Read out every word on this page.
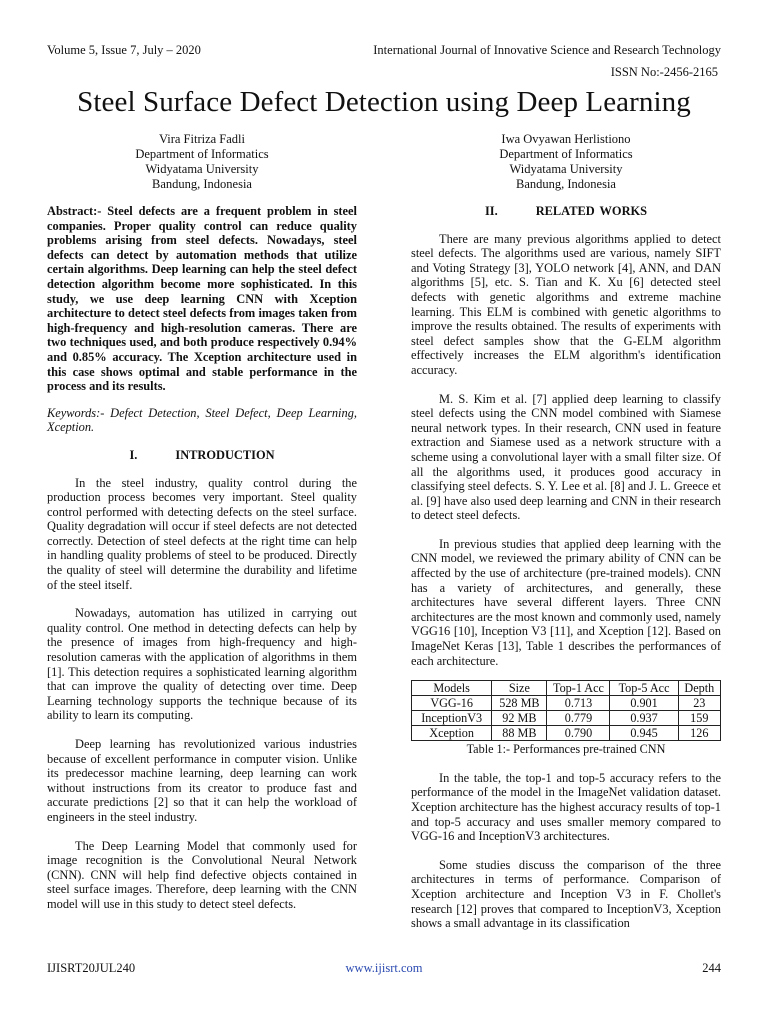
Volume 5, Issue 7, July – 2020	International Journal of Innovative Science and Research Technology
ISSN No:-2456-2165
Steel Surface Defect Detection using Deep Learning
Vira Fitriza Fadli
Department of Informatics
Widyatama University
Bandung, Indonesia
Iwa Ovyawan Herlistiono
Department of Informatics
Widyatama University
Bandung, Indonesia

Abstract:- Steel defects are a frequent problem in steel companies. Proper quality control can reduce quality problems arising from steel defects. Nowadays, steel defects can detect by automation methods that utilize certain algorithms. Deep learning can help the steel defect detection algorithm become more sophisticated. In this study, we use deep learning CNN with Xception architecture to detect steel defects from images taken from high-frequency and high-resolution cameras. There are two techniques used, and both produce respectively 0.94% and 0.85% accuracy. The Xception architecture used in this case shows optimal and stable performance in the process and its results.

Keywords:- Defect Detection, Steel Defect, Deep Learning, Xception.

I.	INTRODUCTION

In the steel industry, quality control during the production process becomes very important. Steel quality control performed with detecting defects on the steel surface. Quality degradation will occur if steel defects are not detected correctly. Detection of steel defects at the right time can help in handling quality problems of steel to be produced. Directly the quality of steel will determine the durability and lifetime of the steel itself.

Nowadays, automation has utilized in carrying out quality control. One method in detecting defects can help by the presence of images from high-frequency and high-resolution cameras with the application of algorithms in them [1]. This detection requires a sophisticated learning algorithm that can improve the quality of detecting over time. Deep Learning technology supports the technique because of its ability to learn its computing.

Deep learning has revolutionized various industries because of excellent performance in computer vision. Unlike its predecessor machine learning, deep learning can work without instructions from its creator to produce fast and accurate predictions [2] so that it can help the workload of engineers in the steel industry.

The Deep Learning Model that commonly used for image recognition is the Convolutional Neural Network (CNN). CNN will help find defective objects contained in steel surface images. Therefore, deep learning with the CNN model will use in this study to detect steel defects.

II.	RELATED WORKS

There are many previous algorithms applied to detect steel defects. The algorithms used are various, namely SIFT and Voting Strategy [3], YOLO network [4], ANN, and DAN algorithms [5], etc. S. Tian and K. Xu [6] detected steel defects with genetic algorithms and extreme machine learning. This ELM is combined with genetic algorithms to improve the results obtained. The results of experiments with steel defect samples show that the G-ELM algorithm effectively increases the ELM algorithm's identification accuracy.

M. S. Kim et al. [7] applied deep learning to classify steel defects using the CNN model combined with Siamese neural network types. In their research, CNN used in feature extraction and Siamese used as a network structure with a scheme using a convolutional layer with a small filter size. Of all the algorithms used, it produces good accuracy in classifying steel defects. S. Y. Lee et al. [8] and J. L. Greece et al. [9] have also used deep learning and CNN in their research to detect steel defects.

In previous studies that applied deep learning with the CNN model, we reviewed the primary ability of CNN can be affected by the use of architecture (pre-trained models). CNN has a variety of architectures, and generally, these architectures have several different layers. Three CNN architectures are the most known and commonly used, namely VGG16 [10], Inception V3 [11], and Xception [12]. Based on ImageNet Keras [13], Table 1 describes the performances of each architecture.

Models	Size	Top-1 Acc	Top-5 Acc	Depth
VGG-16	528 MB	0.713	0.901	23
InceptionV3	92 MB	0.779	0.937	159
Xception	88 MB	0.790	0.945	126
Table 1:- Performances pre-trained CNN

In the table, the top-1 and top-5 accuracy refers to the performance of the model in the ImageNet validation dataset. Xception architecture has the highest accuracy results of top-1 and top-5 accuracy and uses smaller memory compared to VGG-16 and InceptionV3 architectures.

Some studies discuss the comparison of the three architectures in terms of performance. Comparison of Xception architecture and Inception V3 in F. Chollet's research [12] proves that compared to InceptionV3, Xception shows a small advantage in its classification

IJISRT20JUL240	www.ijisrt.com	244
